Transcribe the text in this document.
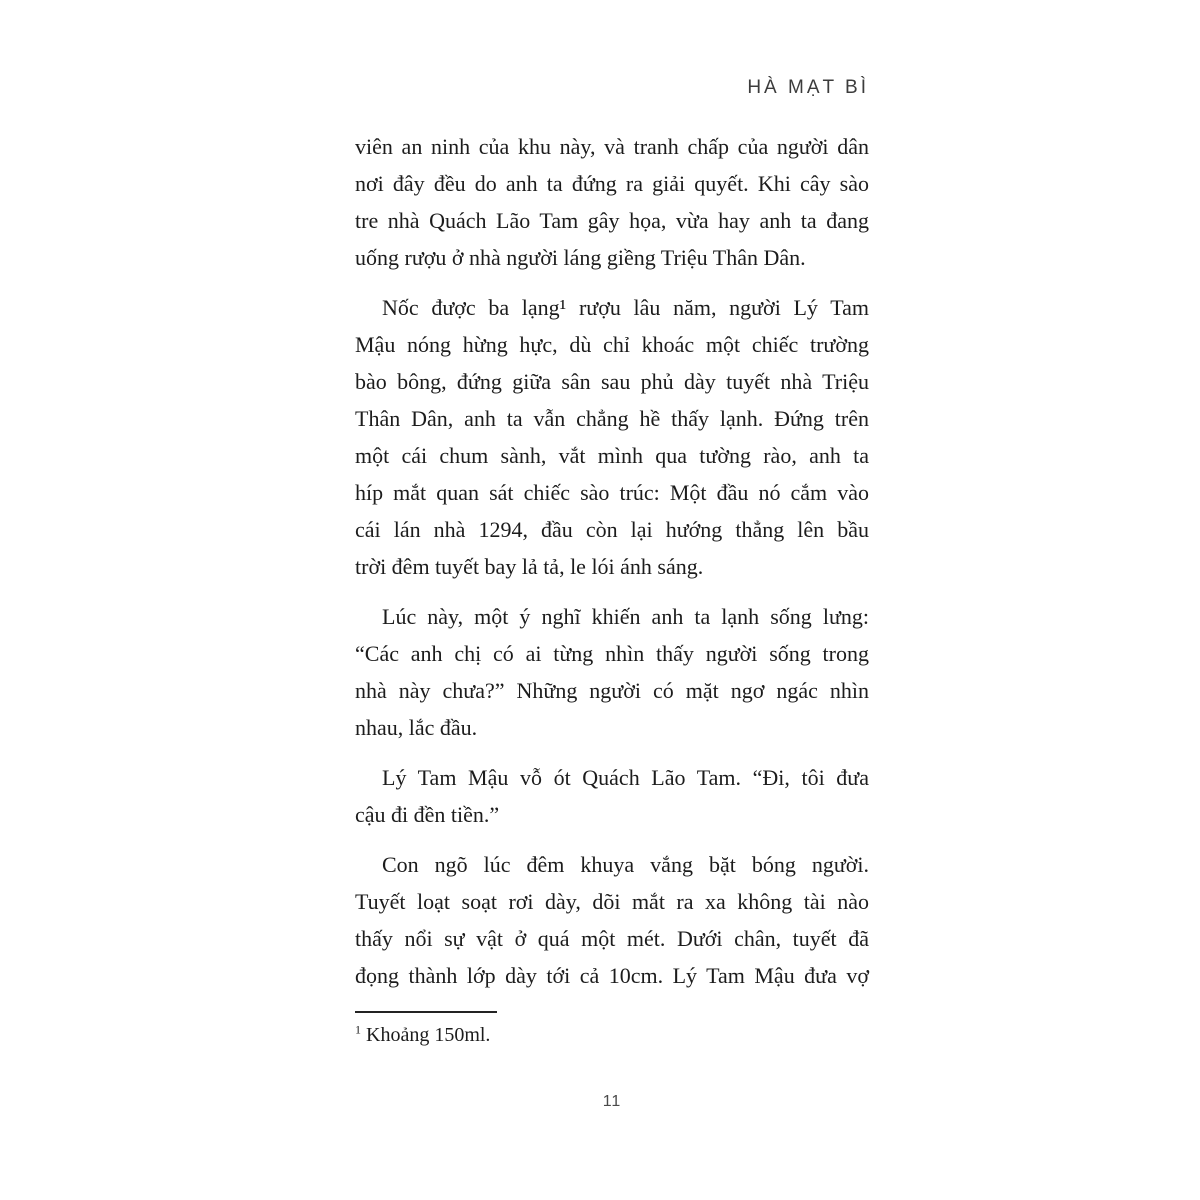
HÀ MẠT BÌ

viên an ninh của khu này, và tranh chấp của người dân
nơi đây đều do anh ta đứng ra giải quyết. Khi cây sào
tre nhà Quách Lão Tam gây họa, vừa hay anh ta đang
uống rượu ở nhà người láng giềng Triệu Thân Dân.

Nốc được ba lạng¹ rượu lâu năm, người Lý Tam
Mậu nóng hừng hực, dù chỉ khoác một chiếc trường
bào bông, đứng giữa sân sau phủ dày tuyết nhà Triệu
Thân Dân, anh ta vẫn chẳng hề thấy lạnh. Đứng trên
một cái chum sành, vắt mình qua tường rào, anh ta
híp mắt quan sát chiếc sào trúc: Một đầu nó cắm vào
cái lán nhà 1294, đầu còn lại hướng thẳng lên bầu
trời đêm tuyết bay lả tả, le lói ánh sáng.

Lúc này, một ý nghĩ khiến anh ta lạnh sống lưng:
“Các anh chị có ai từng nhìn thấy người sống trong
nhà này chưa?” Những người có mặt ngơ ngác nhìn
nhau, lắc đầu.

Lý Tam Mậu vỗ ót Quách Lão Tam. “Đi, tôi đưa
cậu đi đền tiền.”

Con ngõ lúc đêm khuya vắng bặt bóng người.
Tuyết loạt soạt rơi dày, dõi mắt ra xa không tài nào
thấy nổi sự vật ở quá một mét. Dưới chân, tuyết đã
đọng thành lớp dày tới cả 10cm. Lý Tam Mậu đưa vợ

$^1$ Khoảng 150ml.
11
